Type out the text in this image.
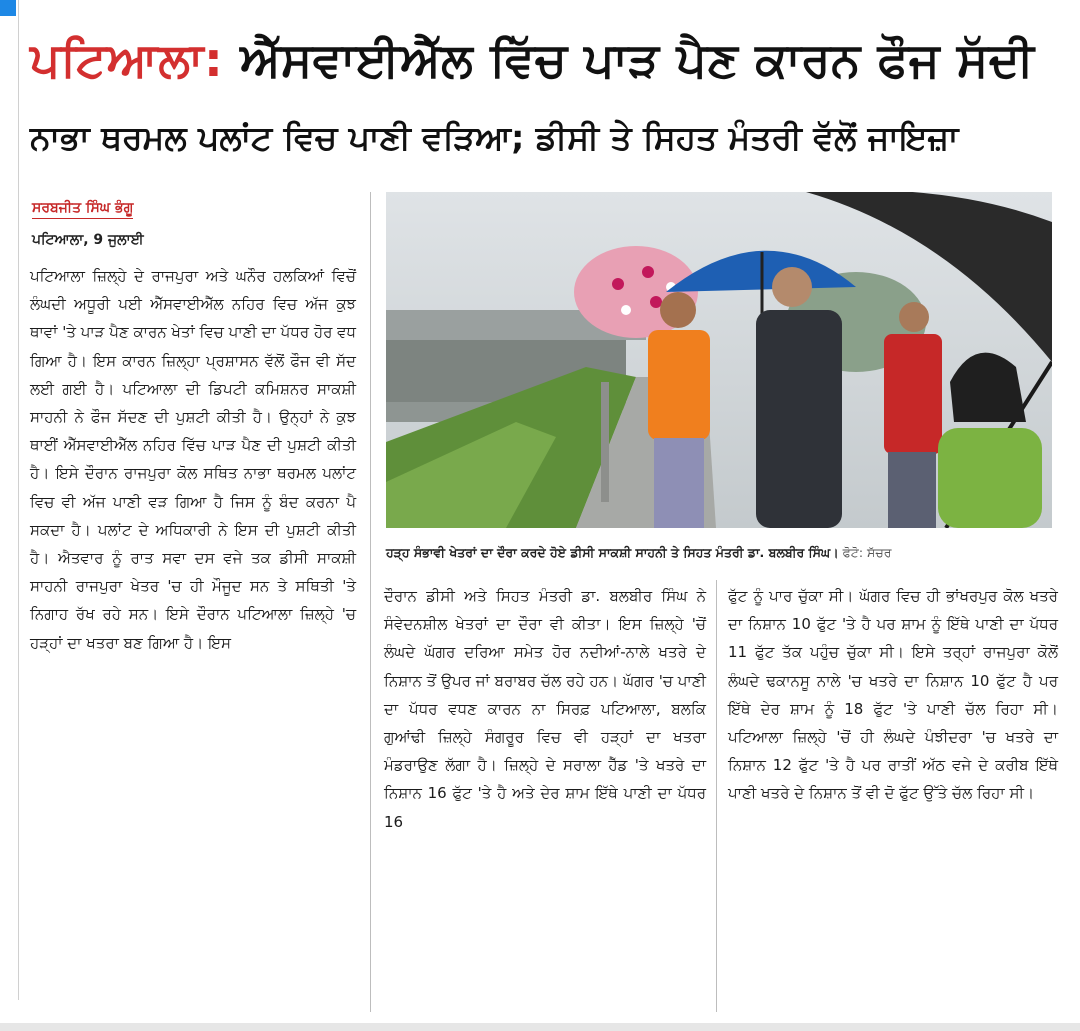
ਪਟਿਆਲਾ: ਐੱਸਵਾਈਐੱਲ ਵਿੱਚ ਪਾੜ ਪੈਣ ਕਾਰਨ ਫੌਜ ਸੱਦੀ
ਨਾਭਾ ਥਰਮਲ ਪਲਾਂਟ ਵਿਚ ਪਾਣੀ ਵੜਿਆ; ਡੀਸੀ ਤੇ ਸਿਹਤ ਮੰਤਰੀ ਵੱਲੋਂ ਜਾਇਜ਼ਾ
ਸਰਬਜੀਤ ਸਿੰਘ ਭੰਗੂ
ਪਟਿਆਲਾ, 9 ਜੁਲਾਈ

ਪਟਿਆਲਾ ਜ਼ਿਲ੍ਹੇ ਦੇ ਰਾਜਪੁਰਾ ਅਤੇ ਘਨੌਰ ਹਲਕਿਆਂ ਵਿਚੋਂ ਲੰਘਦੀ ਅਧੂਰੀ ਪਈ ਐੱਸਵਾਈਐੱਲ ਨਹਿਰ ਵਿਚ ਅੱਜ ਕੁਝ ਥਾਵਾਂ 'ਤੇ ਪਾੜ ਪੈਣ ਕਾਰਨ ਖੇਤਾਂ ਵਿਚ ਪਾਣੀ ਦਾ ਪੱਧਰ ਹੋਰ ਵਧ ਗਿਆ ਹੈ। ਇਸ ਕਾਰਨ ਜ਼ਿਲ੍ਹਾ ਪ੍ਰਸ਼ਾਸਨ ਵੱਲੋਂ ਫੌਜ ਵੀ ਸੱਦ ਲਈ ਗਈ ਹੈ। ਪਟਿਆਲਾ ਦੀ ਡਿਪਟੀ ਕਮਿਸ਼ਨਰ ਸਾਕਸ਼ੀ ਸਾਹਨੀ ਨੇ ਫੌਜ ਸੱਦਣ ਦੀ ਪੁਸ਼ਟੀ ਕੀਤੀ ਹੈ। ਉਨ੍ਹਾਂ ਨੇ ਕੁਝ ਥਾਈਂ ਐੱਸਵਾਈਐੱਲ ਨਹਿਰ ਵਿੱਚ ਪਾੜ ਪੈਣ ਦੀ ਪੁਸ਼ਟੀ ਕੀਤੀ ਹੈ। ਇਸੇ ਦੌਰਾਨ ਰਾਜਪੁਰਾ ਕੋਲ ਸਥਿਤ ਨਾਭਾ ਥਰਮਲ ਪਲਾਂਟ ਵਿਚ ਵੀ ਅੱਜ ਪਾਣੀ ਵੜ ਗਿਆ ਹੈ ਜਿਸ ਨੂੰ ਬੰਦ ਕਰਨਾ ਪੈ ਸਕਦਾ ਹੈ। ਪਲਾਂਟ ਦੇ ਅਧਿਕਾਰੀ ਨੇ ਇਸ ਦੀ ਪੁਸ਼ਟੀ ਕੀਤੀ ਹੈ। ਐਤਵਾਰ ਨੂੰ ਰਾਤ ਸਵਾ ਦਸ ਵਜੇ ਤਕ ਡੀਸੀ ਸਾਕਸ਼ੀ ਸਾਹਨੀ ਰਾਜਪੁਰਾ ਖੇਤਰ 'ਚ ਹੀ ਮੌਜੂਦ ਸਨ ਤੇ ਸਥਿਤੀ 'ਤੇ ਨਿਗਾਹ ਰੱਖ ਰਹੇ ਸਨ। ਇਸੇ ਦੌਰਾਨ ਪਟਿਆਲਾ ਜ਼ਿਲ੍ਹੇ 'ਚ ਹੜ੍ਹਾਂ ਦਾ ਖਤਰਾ ਬਣ ਗਿਆ ਹੈ। ਇਸ

ਹੜ੍ਹ ਸੰਭਾਵੀ ਖੇਤਰਾਂ ਦਾ ਦੌਰਾ ਕਰਦੇ ਹੋਏ ਡੀਸੀ ਸਾਕਸ਼ੀ ਸਾਹਨੀ ਤੇ ਸਿਹਤ ਮੰਤਰੀ ਡਾ. ਬਲਬੀਰ ਸਿੰਘ। ਫੋਟੋ: ਸੱਚਰ

ਦੌਰਾਨ ਡੀਸੀ ਅਤੇ ਸਿਹਤ ਮੰਤਰੀ ਡਾ. ਬਲਬੀਰ ਸਿੰਘ ਨੇ ਸੰਵੇਦਨਸ਼ੀਲ ਖੇਤਰਾਂ ਦਾ ਦੌਰਾ ਵੀ ਕੀਤਾ। ਇਸ ਜ਼ਿਲ੍ਹੇ 'ਚੋਂ ਲੰਘਦੇ ਘੱਗਰ ਦਰਿਆ ਸਮੇਤ ਹੋਰ ਨਦੀਆਂ-ਨਾਲੇ ਖਤਰੇ ਦੇ ਨਿਸ਼ਾਨ ਤੋਂ ਉਪਰ ਜਾਂ ਬਰਾਬਰ ਚੱਲ ਰਹੇ ਹਨ। ਘੱਗਰ 'ਚ ਪਾਣੀ ਦਾ ਪੱਧਰ ਵਧਣ ਕਾਰਨ ਨਾ ਸਿਰਫ਼ ਪਟਿਆਲਾ, ਬਲਕਿ ਗੁਆਂਢੀ ਜ਼ਿਲ੍ਹੇ ਸੰਗਰੂਰ ਵਿਚ ਵੀ ਹੜ੍ਹਾਂ ਦਾ ਖਤਰਾ ਮੰਡਰਾਉਣ ਲੱਗਾ ਹੈ। ਜ਼ਿਲ੍ਹੇ ਦੇ ਸਰਾਲਾ ਹੈੱਡ 'ਤੇ ਖਤਰੇ ਦਾ ਨਿਸ਼ਾਨ 16 ਫੁੱਟ 'ਤੇ ਹੈ ਅਤੇ ਦੇਰ ਸ਼ਾਮ ਇੱਥੇ ਪਾਣੀ ਦਾ ਪੱਧਰ 16

ਫੁੱਟ ਨੂੰ ਪਾਰ ਚੁੱਕਾ ਸੀ। ਘੱਗਰ ਵਿਚ ਹੀ ਭਾਂਖਰਪੁਰ ਕੋਲ ਖਤਰੇ ਦਾ ਨਿਸ਼ਾਨ 10 ਫੁੱਟ 'ਤੇ ਹੈ ਪਰ ਸ਼ਾਮ ਨੂੰ ਇੱਥੇ ਪਾਣੀ ਦਾ ਪੱਧਰ 11 ਫੁੱਟ ਤੱਕ ਪਹੁੰਚ ਚੁੱਕਾ ਸੀ। ਇਸੇ ਤਰ੍ਹਾਂ ਰਾਜਪੁਰਾ ਕੋਲੋਂ ਲੰਘਦੇ ਢਕਾਨਸੂ ਨਾਲੇ 'ਚ ਖਤਰੇ ਦਾ ਨਿਸ਼ਾਨ 10 ਫੁੱਟ ਹੈ ਪਰ ਇੱਥੇ ਦੇਰ ਸ਼ਾਮ ਨੂੰ 18 ਫੁੱਟ 'ਤੇ ਪਾਣੀ ਚੱਲ ਰਿਹਾ ਸੀ। ਪਟਿਆਲਾ ਜ਼ਿਲ੍ਹੇ 'ਚੋਂ ਹੀ ਲੰਘਦੇ ਪੰਝੀਦਰਾ 'ਚ ਖਤਰੇ ਦਾ ਨਿਸ਼ਾਨ 12 ਫੁੱਟ 'ਤੇ ਹੈ ਪਰ ਰਾਤੀਂ ਅੱਠ ਵਜੇ ਦੇ ਕਰੀਬ ਇੱਥੇ ਪਾਣੀ ਖਤਰੇ ਦੇ ਨਿਸ਼ਾਨ ਤੋਂ ਵੀ ਦੋ ਫੁੱਟ ਉੱਤੇ ਚੱਲ ਰਿਹਾ ਸੀ।
